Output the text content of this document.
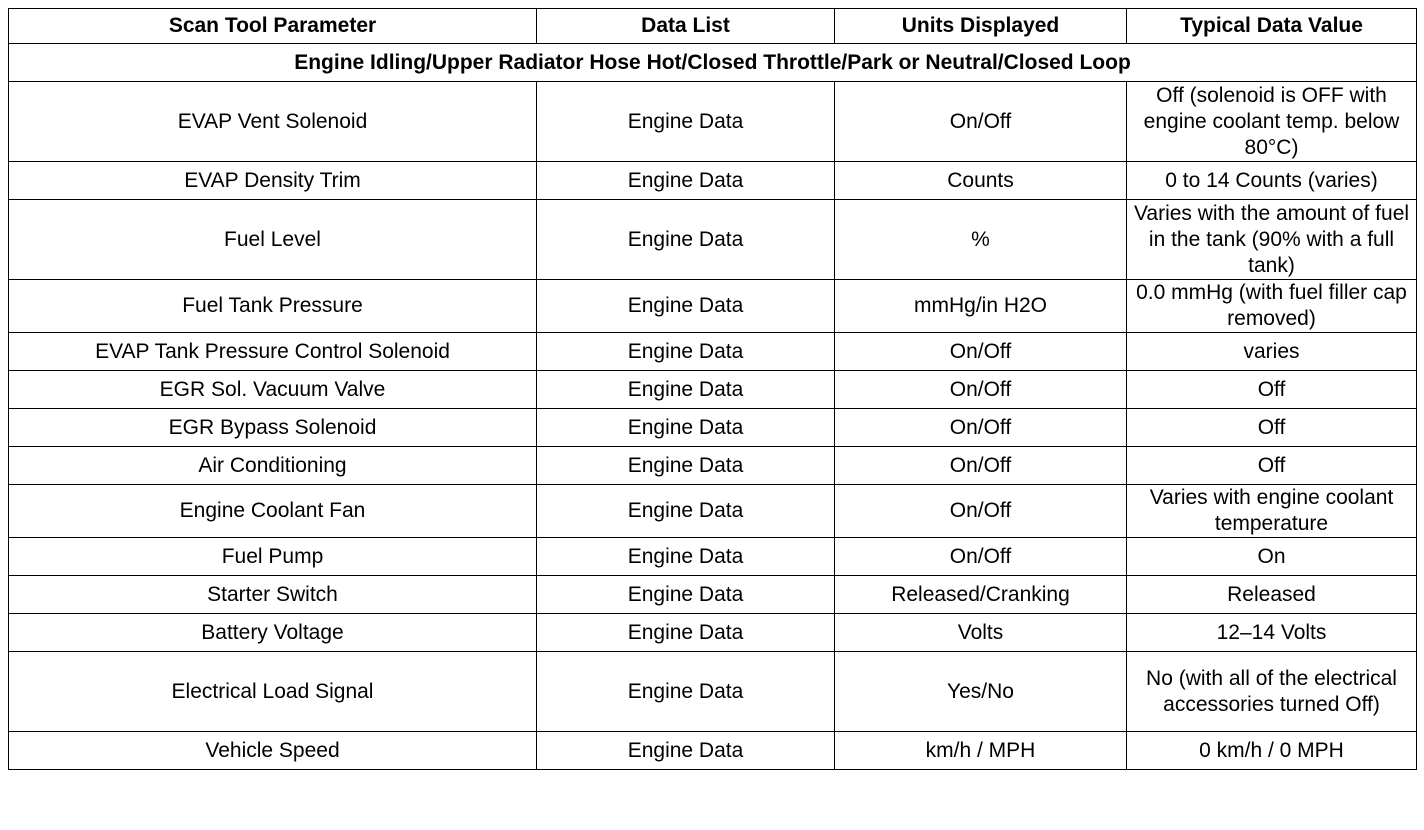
Scan Tool Parameter	Data List	Units Displayed	Typical Data Value
Engine Idling/Upper Radiator Hose Hot/Closed Throttle/Park or Neutral/Closed Loop			
EVAP Vent Solenoid	Engine Data	On/Off	Off (solenoid is OFF with engine coolant temp. below 80°C)
EVAP Density Trim	Engine Data	Counts	0 to 14 Counts (varies)
Fuel Level	Engine Data	%	Varies with the amount of fuel in the tank (90% with a full tank)
Fuel Tank Pressure	Engine Data	mmHg/in H2O	0.0 mmHg (with fuel filler cap removed)
EVAP Tank Pressure Control Solenoid	Engine Data	On/Off	varies
EGR Sol. Vacuum Valve	Engine Data	On/Off	Off
EGR Bypass Solenoid	Engine Data	On/Off	Off
Air Conditioning	Engine Data	On/Off	Off
Engine Coolant Fan	Engine Data	On/Off	Varies with engine coolant temperature
Fuel Pump	Engine Data	On/Off	On
Starter Switch	Engine Data	Released/Cranking	Released
Battery Voltage	Engine Data	Volts	12–14 Volts
Electrical Load Signal	Engine Data	Yes/No	No (with all of the electrical accessories turned Off)
Vehicle Speed	Engine Data	km/h / MPH	0 km/h / 0 MPH
